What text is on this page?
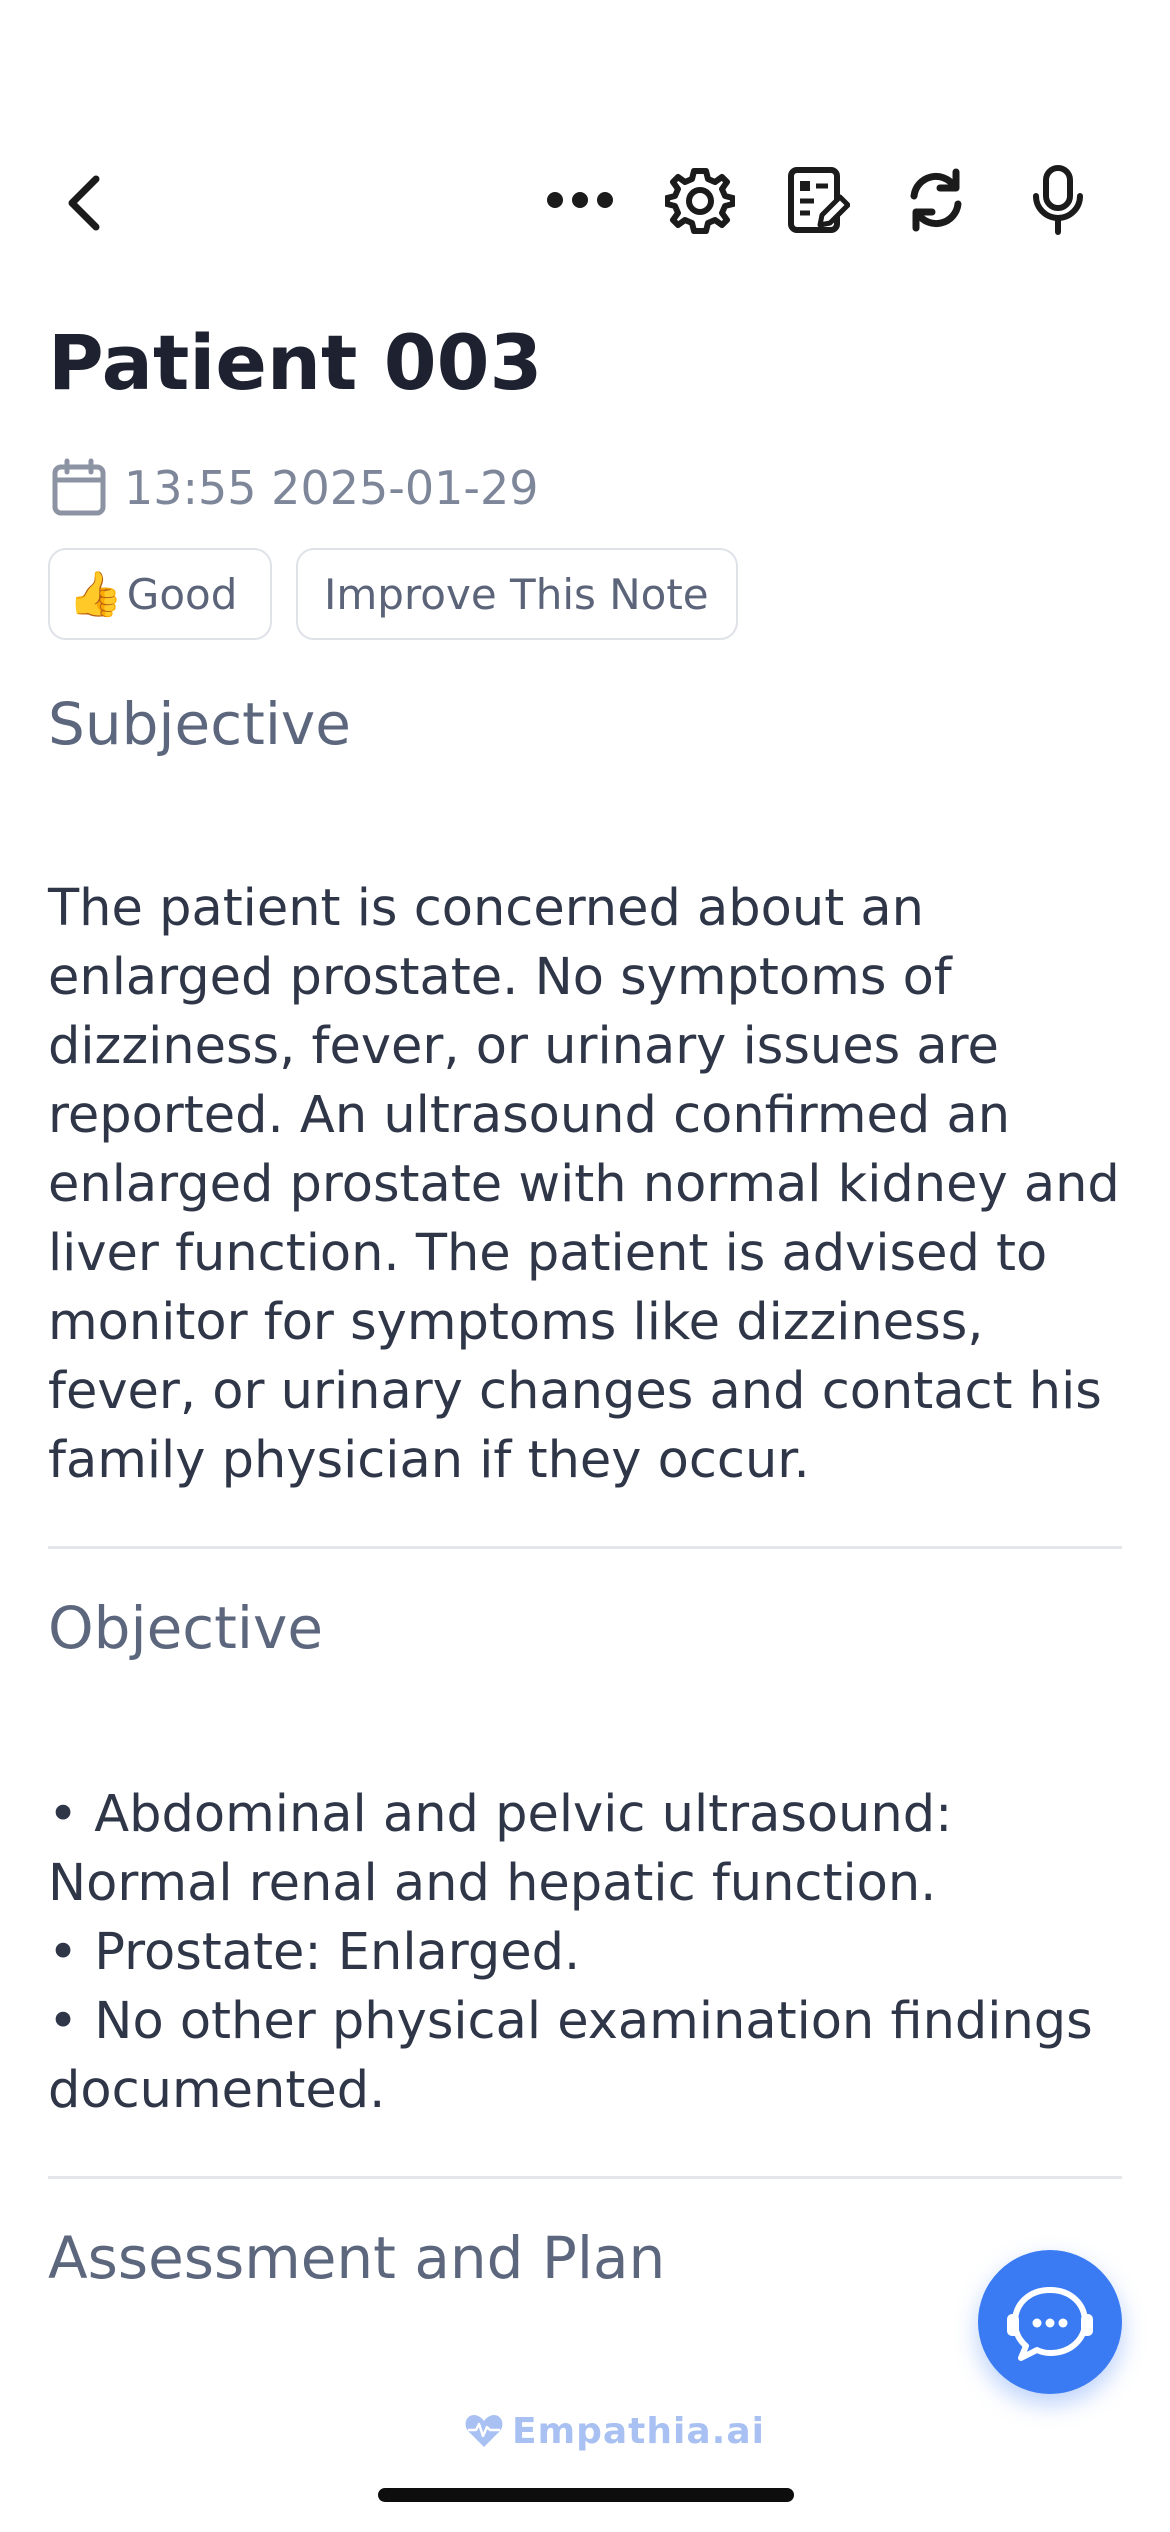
Patient 003
13:55 2025-01-29
👍 Good Improve This Note
Subjective

The patient is concerned about an enlarged prostate. No symptoms of dizziness, fever, or urinary issues are reported. An ultrasound confirmed an enlarged prostate with normal kidney and liver function. The patient is advised to monitor for symptoms like dizziness, fever, or urinary changes and contact his family physician if they occur.

Objective
• Abdominal and pelvic ultrasound: Normal renal and hepatic function.
• Prostate: Enlarged.
• No other physical examination findings documented.
Assessment and Plan
Empathia.ai
